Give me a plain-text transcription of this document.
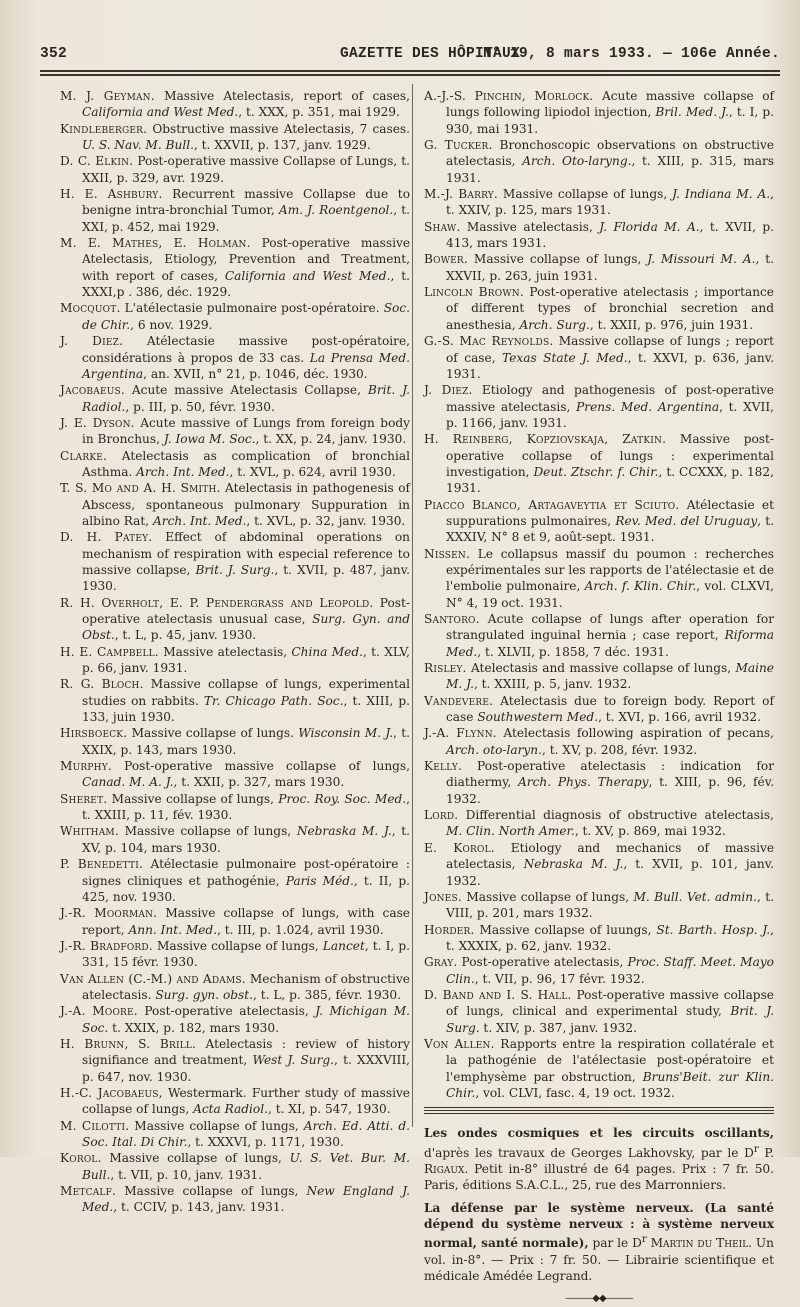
352	GAZETTE DES HÔPITAUX
N° 19, 8 mars 1933. — 106e Année.

M. J. Geyman. Massive Atelectasis, report of cases, California and West Med., t. XXX, p. 351, mai 1929.

Kindleberger. Obstructive massive Atelectasis, 7 cases. U. S. Nav. M. Bull., t. XXVII, p. 137, janv. 1929.

D. C. Elkin. Post-operative massive Collapse of Lungs, t. XXII, p. 329, avr. 1929.

H. E. Ashbury. Recurrent massive Collapse due to benigne intra-bronchial Tumor, Am. J. Roentgenol., t. XXI, p. 452, mai 1929.

M. E. Mathes, E. Holman. Post-operative massive Atelectasis, Etiology, Prevention and Treatment, with report of cases, California and West Med., t. XXXI,p . 386, déc. 1929.

Mocquot. L'atélectasie pulmonaire post-opératoire. Soc. de Chir., 6 nov. 1929.

J. Diez. Atélectasie massive post-opératoire, considérations à propos de 33 cas. La Prensa Med. Argentina, an. XVII, n° 21, p. 1046, déc. 1930.

Jacobaeus. Acute massive Atelectasis Collapse, Brit. J. Radiol., p. III, p. 50, févr. 1930.

J. E. Dyson. Acute massive of Lungs from foreign body in Bronchus, J. Iowa M. Soc., t. XX, p. 24, janv. 1930.

Clarke. Atelectasis as complication of bronchial Asthma. Arch. Int. Med., t. XVL, p. 624, avril 1930.

T. S. Mo and A. H. Smith. Atelectasis in pathogenesis of Abscess, spontaneous pulmonary Suppuration in albino Rat, Arch. Int. Med., t. XVL, p. 32, janv. 1930.

D. H. Patey. Effect of abdominal operations on mechanism of respiration with especial reference to massive collapse, Brit. J. Surg., t. XVII, p. 487, janv. 1930.

R. H. Overholt, E. P. Pendergrass and Leopold. Post-operative atelectasis unusual case, Surg. Gyn. and Obst., t. L, p. 45, janv. 1930.

H. E. Campbell. Massive atelectasis, China Med., t. XLV, p. 66, janv. 1931.

R. G. Bloch. Massive collapse of lungs, experimental studies on rabbits. Tr. Chicago Path. Soc., t. XIII, p. 133, juin 1930.

Hirsboeck. Massive collapse of lungs. Wisconsin M. J., t. XXIX, p. 143, mars 1930.

Murphy. Post-operative massive collapse of lungs, Canad. M. A. J., t. XXII, p. 327, mars 1930.

Sheret. Massive collapse of lungs, Proc. Roy. Soc. Med., t. XXIII, p. 11, fév. 1930.

Whitham. Massive collapse of lungs, Nebraska M. J., t. XV, p. 104, mars 1930.

P. Benedetti. Atélectasie pulmonaire post-opératoire : signes cliniques et pathogénie, Paris Méd., t. II, p. 425, nov. 1930.

J.-R. Moorman. Massive collapse of lungs, with case report, Ann. Int. Med., t. III, p. 1.024, avril 1930.

J.-R. Bradford. Massive collapse of lungs, Lancet, t. I, p. 331, 15 févr. 1930.

Van Allen (C.-M.) and Adams. Mechanism of obstructive atelectasis. Surg. gyn. obst., t. L, p. 385, févr. 1930.

J.-A. Moore. Post-operative atelectasis, J. Michigan M. Soc. t. XXIX, p. 182, mars 1930.

H. Brunn, S. Brill. Atelectasis : review of history signifiance and treatment, West J. Surg., t. XXXVIII, p. 647, nov. 1930.

H.-C. Jacobaeus, Westermark. Further study of massive collapse of lungs, Acta Radiol., t. XI, p. 547, 1930.

M. Cilotti. Massive collapse of lungs, Arch. Ed. Atti. d. Soc. Ital. Di Chir., t. XXXVI, p. 1171, 1930.

Korol. Massive collapse of lungs, U. S. Vet. Bur. M. Bull., t. VII, p. 10, janv. 1931.

Metcalf. Massive collapse of lungs, New England J. Med., t. CCIV, p. 143, janv. 1931.

A.-J.-S. Pinchin, Morlock. Acute massive collapse of lungs following lipiodol injection, Bril. Med. J., t. I, p. 930, mai 1931.

G. Tucker. Bronchoscopic observations on obstructive atelectasis, Arch. Oto-laryng., t. XIII, p. 315, mars 1931.

M.-J. Barry. Massive collapse of lungs, J. Indiana M. A., t. XXIV, p. 125, mars 1931.

Shaw. Massive atelectasis, J. Florida M. A., t. XVII, p. 413, mars 1931.

Bower. Massive collapse of lungs, J. Missouri M. A., t. XXVII, p. 263, juin 1931.

Lincoln Brown. Post-operative atelectasis ; importance of different types of bronchial secretion and anesthesia, Arch. Surg., t. XXII, p. 976, juin 1931.

G.-S. Mac Reynolds. Massive collapse of lungs ; report of case, Texas State J. Med., t. XXVI, p. 636, janv. 1931.

J. Diez. Etiology and pathogenesis of post-operative massive atelectasis, Prens. Med. Argentina, t. XVII, p. 1166, janv. 1931.

H. Reinberg, Kopziovskaja, Zatkin. Massive post-operative collapse of lungs : experimental investigation, Deut. Ztschr. f. Chir., t. CCXXX, p. 182, 1931.

Piacco Blanco, Artagaveytia et Sciuto. Atélectasie et suppurations pulmonaires, Rev. Med. del Uruguay, t. XXXIV, N° 8 et 9, août-sept. 1931.

Nissen. Le collapsus massif du poumon : recherches expérimentales sur les rapports de l'atélectasie et de l'embolie pulmonaire, Arch. f. Klin. Chir., vol. CLXVI, N° 4, 19 oct. 1931.

Santoro. Acute collapse of lungs after operation for strangulated inguinal hernia ; case report, Riforma Med., t. XLVII, p. 1858, 7 déc. 1931.

Risley. Atelectasis and massive collapse of lungs, Maine M. J., t. XXIII, p. 5, janv. 1932.

Vandevere. Atelectasis due to foreign body. Report of case Southwestern Med., t. XVI, p. 166, avril 1932.

J.-A. Flynn. Atelectasis following aspiration of pecans, Arch. oto-laryn., t. XV, p. 208, févr. 1932.

Kelly. Post-operative atelectasis : indication for diathermy, Arch. Phys. Therapy, t. XIII, p. 96, fév. 1932.

Lord. Differential diagnosis of obstructive atelectasis, M. Clin. North Amer., t. XV, p. 869, mai 1932.

E. Korol. Etiology and mechanics of massive atelectasis, Nebraska M. J., t. XVII, p. 101, janv. 1932.

Jones. Massive collapse of lungs, M. Bull. Vet. admin., t. VIII, p. 201, mars 1932.

Horder. Massive collapse of luungs, St. Barth. Hosp. J., t. XXXIX, p. 62, janv. 1932.

Gray. Post-operative atelectasis, Proc. Staff. Meet. Mayo Clin., t. VII, p. 96, 17 févr. 1932.

D. Band and I. S. Hall. Post-operative massive collapse of lungs, clinical and experimental study, Brit. J. Surg. t. XIV, p. 387, janv. 1932.

Von Allen. Rapports entre la respiration collatérale et la pathogénie de l'atélectasie post-opératoire et l'emphysème par obstruction, Bruns'Beit. zur Klin. Chir., vol. CLVI, fasc. 4, 19 oct. 1932.

Les ondes cosmiques et les circuits oscillants, d'après les travaux de Georges Lakhovsky, par le $D^r$ P. Rigaux. Petit in-8° illustré de 64 pages. Prix : 7 fr. 50. Paris, éditions S.A.C.L., 25, rue des Marronniers.

La défense par le système nerveux. (La santé dépend du système nerveux : à système nerveux normal, santé normale), par le $D^r$ Martin du Theil. Un vol. in-8°. — Prix : 7 fr. 50. — Librairie scientifique et médicale Amédée Legrand.

———◆◆———
